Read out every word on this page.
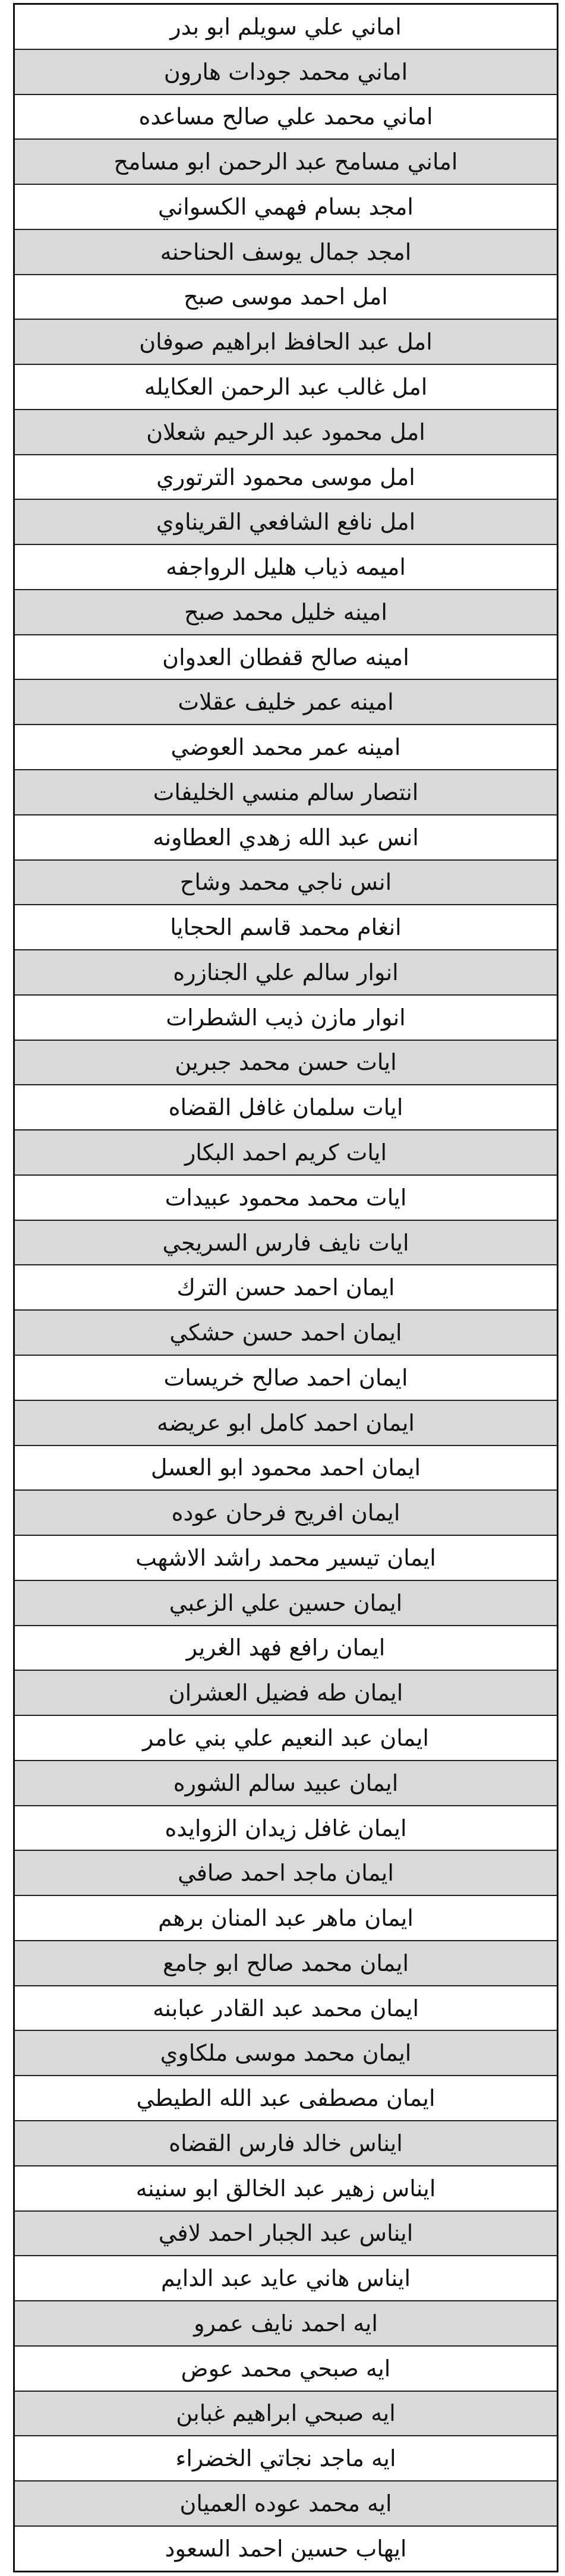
اماني علي سويلم ابو بدر
اماني محمد جودات هارون
اماني محمد علي صالح مساعده
اماني مسامح عبد الرحمن ابو مسامح
امجد بسام فهمي الكسواني
امجد جمال يوسف الحناحنه
امل احمد موسى صبح
امل عبد الحافظ ابراهيم صوفان
امل غالب عبد الرحمن العكايله
امل محمود عبد الرحيم شعلان
امل موسى محمود الترتوري
امل نافع الشافعي القريناوي
اميمه ذياب هليل الرواجفه
امينه خليل محمد صبح
امينه صالح قفطان العدوان
امينه عمر خليف عقلات
امينه عمر محمد العوضي
انتصار سالم منسي الخليفات
انس عبد الله زهدي العطاونه
انس ناجي محمد وشاح
انغام محمد قاسم الحجايا
انوار سالم علي الجنازره
انوار مازن ذيب الشطرات
ايات حسن محمد جبرين
ايات سلمان غافل القضاه
ايات كريم احمد البكار
ايات محمد محمود عبيدات
ايات نايف فارس السريجي
ايمان احمد حسن الترك
ايمان احمد حسن حشكي
ايمان احمد صالح خريسات
ايمان احمد كامل ابو عريضه
ايمان احمد محمود ابو العسل
ايمان افريح فرحان عوده
ايمان تيسير محمد راشد الاشهب
ايمان حسين علي الزعبي
ايمان رافع فهد الغرير
ايمان طه فضيل العشران
ايمان عبد النعيم علي بني عامر
ايمان عبيد سالم الشوره
ايمان غافل زيدان الزوايده
ايمان ماجد احمد صافي
ايمان ماهر عبد المنان برهم
ايمان محمد صالح ابو جامع
ايمان محمد عبد القادر عبابنه
ايمان محمد موسى ملكاوي
ايمان مصطفى عبد الله الطيطي
ايناس خالد فارس القضاه
ايناس زهير عبد الخالق ابو سنينه
ايناس عبد الجبار احمد لافي
ايناس هاني عايد عبد الدايم
ايه احمد نايف عمرو
ايه صبحي محمد عوض
ايه صبحي ابراهيم غبابن
ايه ماجد نجاتي الخضراء
ايه محمد عوده العميان
ايهاب حسين احمد السعود
